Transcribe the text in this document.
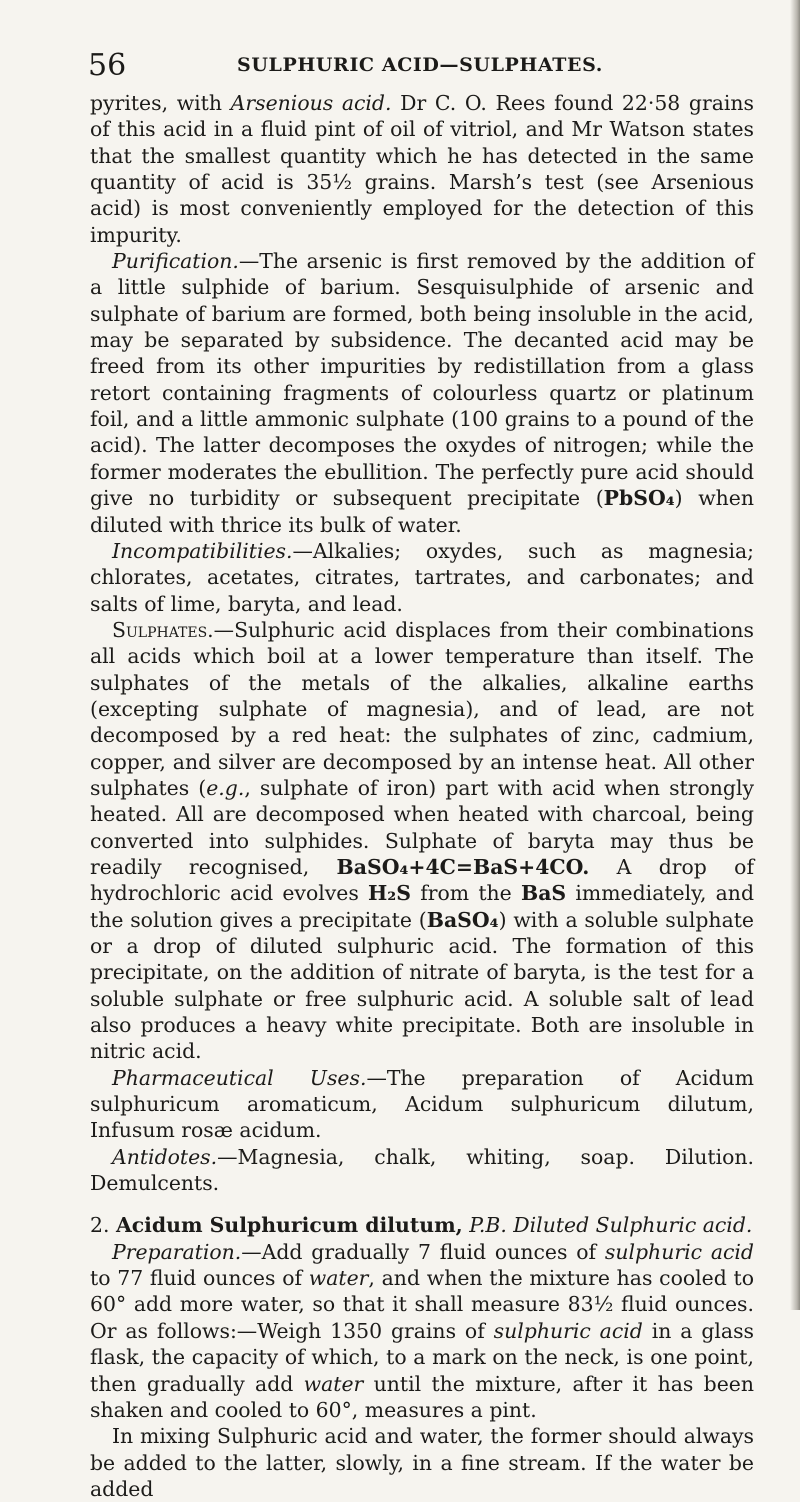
56	SULPHURIC ACID—SULPHATES.

pyrites, with Arsenious acid. Dr C. O. Rees found 22·58 grains of this acid in a fluid pint of oil of vitriol, and Mr Watson states that the smallest quantity which he has detected in the same quantity of acid is 35½ grains. Marsh’s test (see Arsenious acid) is most conveniently employed for the detection of this impurity.

Purification.—The arsenic is first removed by the addition of a little sulphide of barium. Sesquisulphide of arsenic and sulphate of barium are formed, both being insoluble in the acid, may be separated by subsidence. The decanted acid may be freed from its other impurities by redistillation from a glass retort containing fragments of colourless quartz or platinum foil, and a little ammonic sulphate (100 grains to a pound of the acid). The latter decomposes the oxydes of nitrogen; while the former moderates the ebullition. The perfectly pure acid should give no turbidity or subsequent precipitate (PbSO₄) when diluted with thrice its bulk of water.

Incompatibilities.—Alkalies; oxydes, such as magnesia; chlorates, acetates, citrates, tartrates, and carbonates; and salts of lime, baryta, and lead.

Sulphates.—Sulphuric acid displaces from their combinations all acids which boil at a lower temperature than itself. The sulphates of the metals of the alkalies, alkaline earths (excepting sulphate of magnesia), and of lead, are not decomposed by a red heat: the sulphates of zinc, cadmium, copper, and silver are decomposed by an intense heat. All other sulphates (e.g., sulphate of iron) part with acid when strongly heated. All are decomposed when heated with charcoal, being converted into sulphides. Sulphate of baryta may thus be readily recognised, BaSO₄+4C=BaS+4CO. A drop of hydrochloric acid evolves H₂S from the BaS immediately, and the solution gives a precipitate (BaSO₄) with a soluble sulphate or a drop of diluted sulphuric acid. The formation of this precipitate, on the addition of nitrate of baryta, is the test for a soluble sulphate or free sulphuric acid. A soluble salt of lead also produces a heavy white precipitate. Both are insoluble in nitric acid.

Pharmaceutical Uses.—The preparation of Acidum sulphuricum aromaticum, Acidum sulphuricum dilutum, Infusum rosæ acidum.

Antidotes.—Magnesia, chalk, whiting, soap. Dilution. Demulcents.

2. Acidum Sulphuricum dilutum, P.B. Diluted Sulphuric acid.

Preparation.—Add gradually 7 fluid ounces of sulphuric acid to 77 fluid ounces of water, and when the mixture has cooled to 60° add more water, so that it shall measure 83½ fluid ounces. Or as follows:—Weigh 1350 grains of sulphuric acid in a glass flask, the capacity of which, to a mark on the neck, is one point, then gradually add water until the mixture, after it has been shaken and cooled to 60°, measures a pint.

In mixing Sulphuric acid and water, the former should always be added to the latter, slowly, in a fine stream. If the water be added
